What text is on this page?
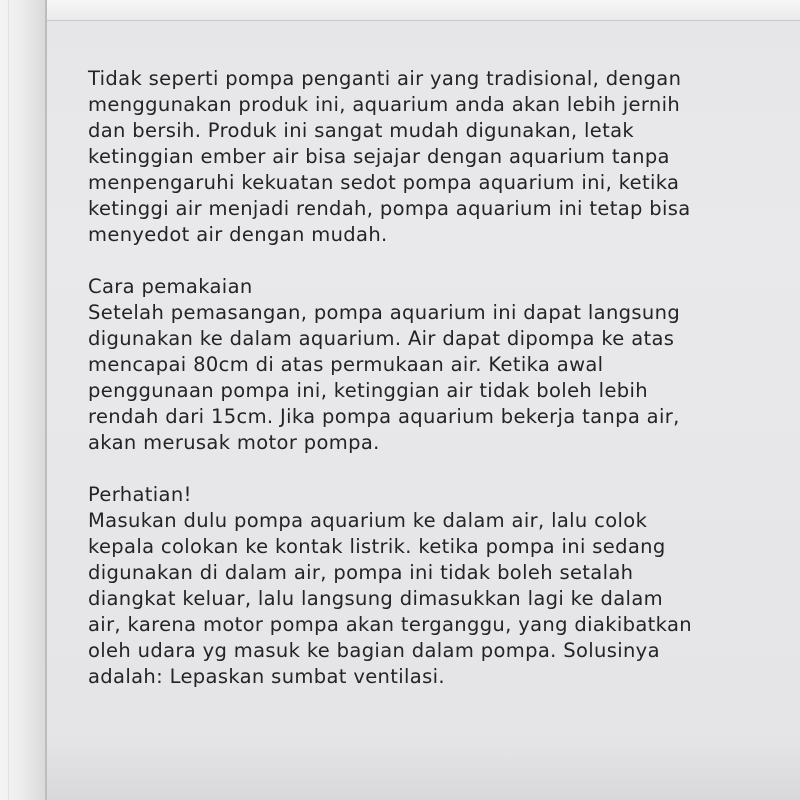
Tidak seperti pompa penganti air yang tradisional, dengan
menggunakan produk ini, aquarium anda akan lebih jernih
dan bersih. Produk ini sangat mudah digunakan, letak
ketinggian ember air bisa sejajar dengan aquarium tanpa
menpengaruhi kekuatan sedot pompa aquarium ini, ketika
ketinggi air menjadi rendah, pompa aquarium ini tetap bisa
menyedot air dengan mudah.
Cara pemakaian
Setelah pemasangan, pompa aquarium ini dapat langsung
digunakan ke dalam aquarium. Air dapat dipompa ke atas
mencapai 80cm di atas permukaan air. Ketika awal
penggunaan pompa ini, ketinggian air tidak boleh lebih
rendah dari 15cm. Jika pompa aquarium bekerja tanpa air,
akan merusak motor pompa.
Perhatian!
Masukan dulu pompa aquarium ke dalam air, lalu colok
kepala colokan ke kontak listrik. ketika pompa ini sedang
digunakan di dalam air, pompa ini tidak boleh setalah
diangkat keluar, lalu langsung dimasukkan lagi ke dalam
air, karena motor pompa akan terganggu, yang diakibatkan
oleh udara yg masuk ke bagian dalam pompa. Solusinya
adalah: Lepaskan sumbat ventilasi.
